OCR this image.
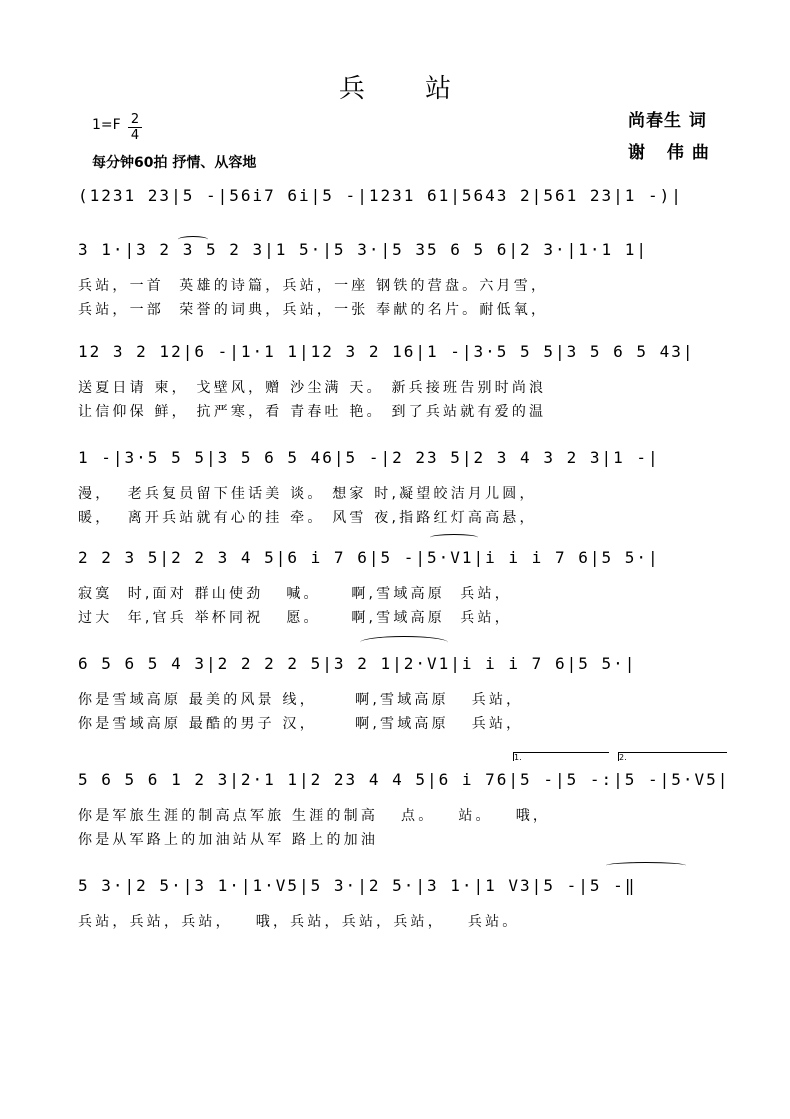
兵 站
尚春生 词
谢 伟曲
$1=F \frac{2}{4}$
每分钟60拍 抒情、从容地
(1231 23|5 -|56i7 6i|5 -|1231 61|5643 2|561 23|1 -)|
3 1·|3 2 3 5 2 3|1 5·|5 3·|5 35 6 5 6|2 3·|1·1 1|
兵站，一首  英雄的诗篇，兵站，一座 钢铁的营盘。六月雪，
兵站，一部  荣誉的词典，兵站，一张 奉献的名片。耐低氧，
12 3 2 12|6 -|1·1 1|12 3 2 16|1 -|3·5 5 5|3 5 6 5 43|
送夏日请 柬， 戈壁风，赠 沙尘满 天。 新兵接班告别时尚浪
让信仰保 鲜， 抗严寒，看 青春吐 艳。 到了兵站就有爱的温
1 -|3·5 5 5|3 5 6 5 46|5 -|2 23 5|2 3 4 3 2 3|1 -|
漫，  老兵复员留下佳话美 谈。 想家 时,凝望皎洁月儿圆，
暖，  离开兵站就有心的挂 牵。 风雪 夜,指路红灯高高悬，
2 2 3 5|2 2 3 4 5|6 i 7 6|5 -|5·V1|i i i 7 6|5 5·|
寂寞  时,面对 群山使劲   喊。    啊,雪域高原  兵站，
过大  年,官兵 举杯同祝   愿。    啊,雪域高原  兵站，
6 5 6 5 4 3|2 2 2 2 5|3 2 1|2·V1|i i i 7 6|5 5·|
你是雪域高原 最美的风景 线，     啊,雪域高原   兵站，
你是雪域高原 最酷的男子 汉，     啊,雪域高原   兵站，
1.	2.
5 6 5 6 1 2 3|2·1 1|2 23 4 4 5|6 i 76|5 -|5 -:|5 -|5·V5|
你是军旅生涯的制高点军旅 生涯的制高   点。   站。   哦，
你是从军路上的加油站从军 路上的加油
5 3·|2 5·|3 1·|1·V5|5 3·|2 5·|3 1·|1 V3|5 -|5 -‖
兵站，兵站，兵站，   哦，兵站，兵站，兵站，   兵站。
